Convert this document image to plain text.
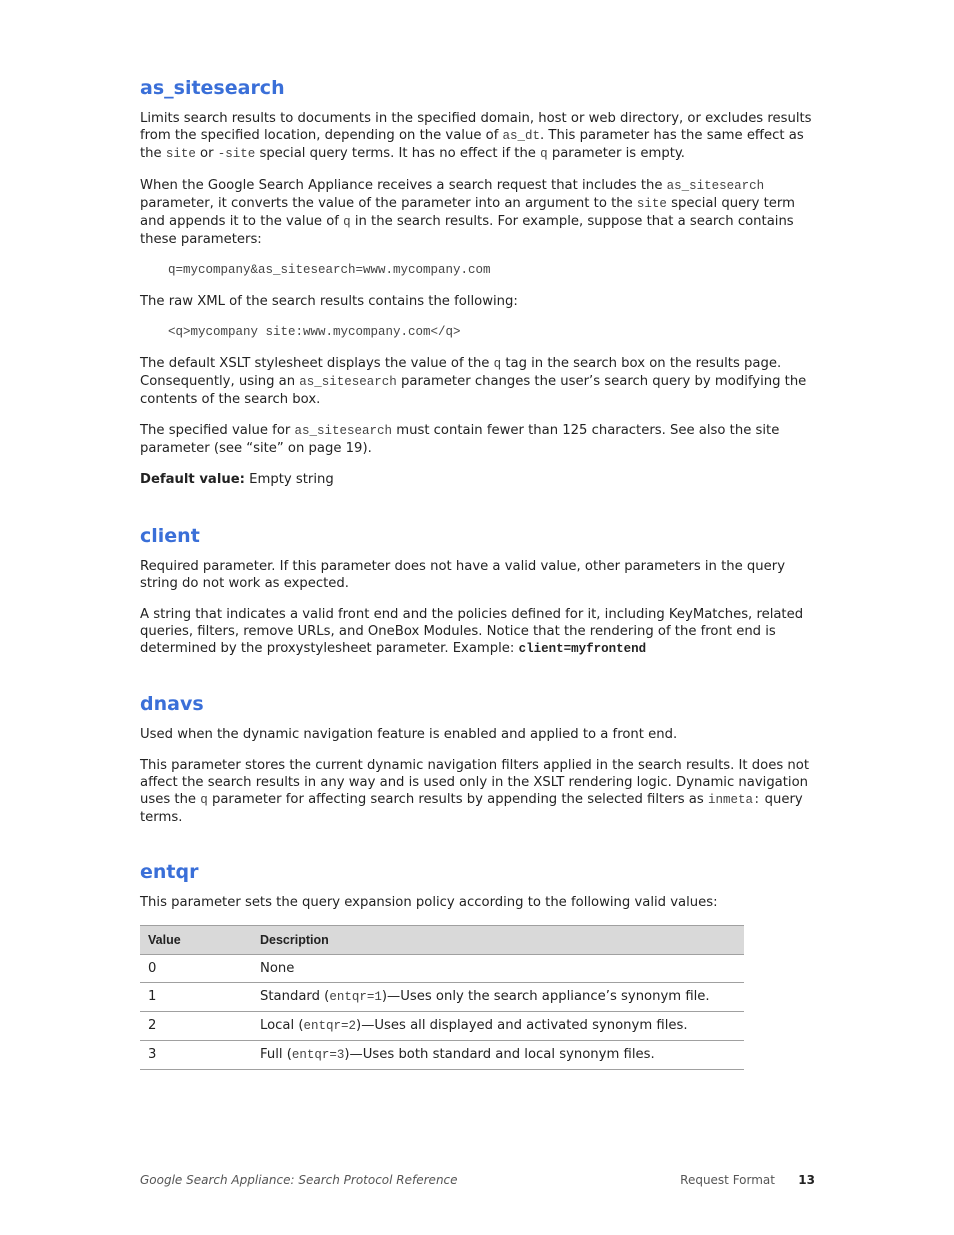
as_sitesearch

Limits search results to documents in the specified domain, host or web directory, or excludes results from the specified location, depending on the value of as_dt. This parameter has the same effect as the site or -site special query terms. It has no effect if the q parameter is empty.

When the Google Search Appliance receives a search request that includes the as_sitesearch parameter, it converts the value of the parameter into an argument to the site special query term and appends it to the value of q in the search results. For example, suppose that a search contains these parameters:

q=mycompany&as_sitesearch=www.mycompany.com

The raw XML of the search results contains the following:

<q>mycompany site:www.mycompany.com</q>

The default XSLT stylesheet displays the value of the q tag in the search box on the results page. Consequently, using an as_sitesearch parameter changes the user’s search query by modifying the contents of the search box.

The specified value for as_sitesearch must contain fewer than 125 characters. See also the site parameter (see “site” on page 19).

Default value: Empty string

client

Required parameter. If this parameter does not have a valid value, other parameters in the query string do not work as expected.

A string that indicates a valid front end and the policies defined for it, including KeyMatches, related queries, filters, remove URLs, and OneBox Modules. Notice that the rendering of the front end is determined by the proxystylesheet parameter. Example: client=myfrontend

dnavs

Used when the dynamic navigation feature is enabled and applied to a front end.

This parameter stores the current dynamic navigation filters applied in the search results. It does not affect the search results in any way and is used only in the XSLT rendering logic. Dynamic navigation uses the q parameter for affecting search results by appending the selected filters as inmeta: query terms.

entqr

This parameter sets the query expansion policy according to the following valid values:

Value	Description
0	None
1	Standard (entqr=1)—Uses only the search appliance’s synonym file.
2	Local (entqr=2)—Uses all displayed and activated synonym files.
3	Full (entqr=3)—Uses both standard and local synonym files.
Google Search Appliance: Search Protocol Reference	Request Format 13
